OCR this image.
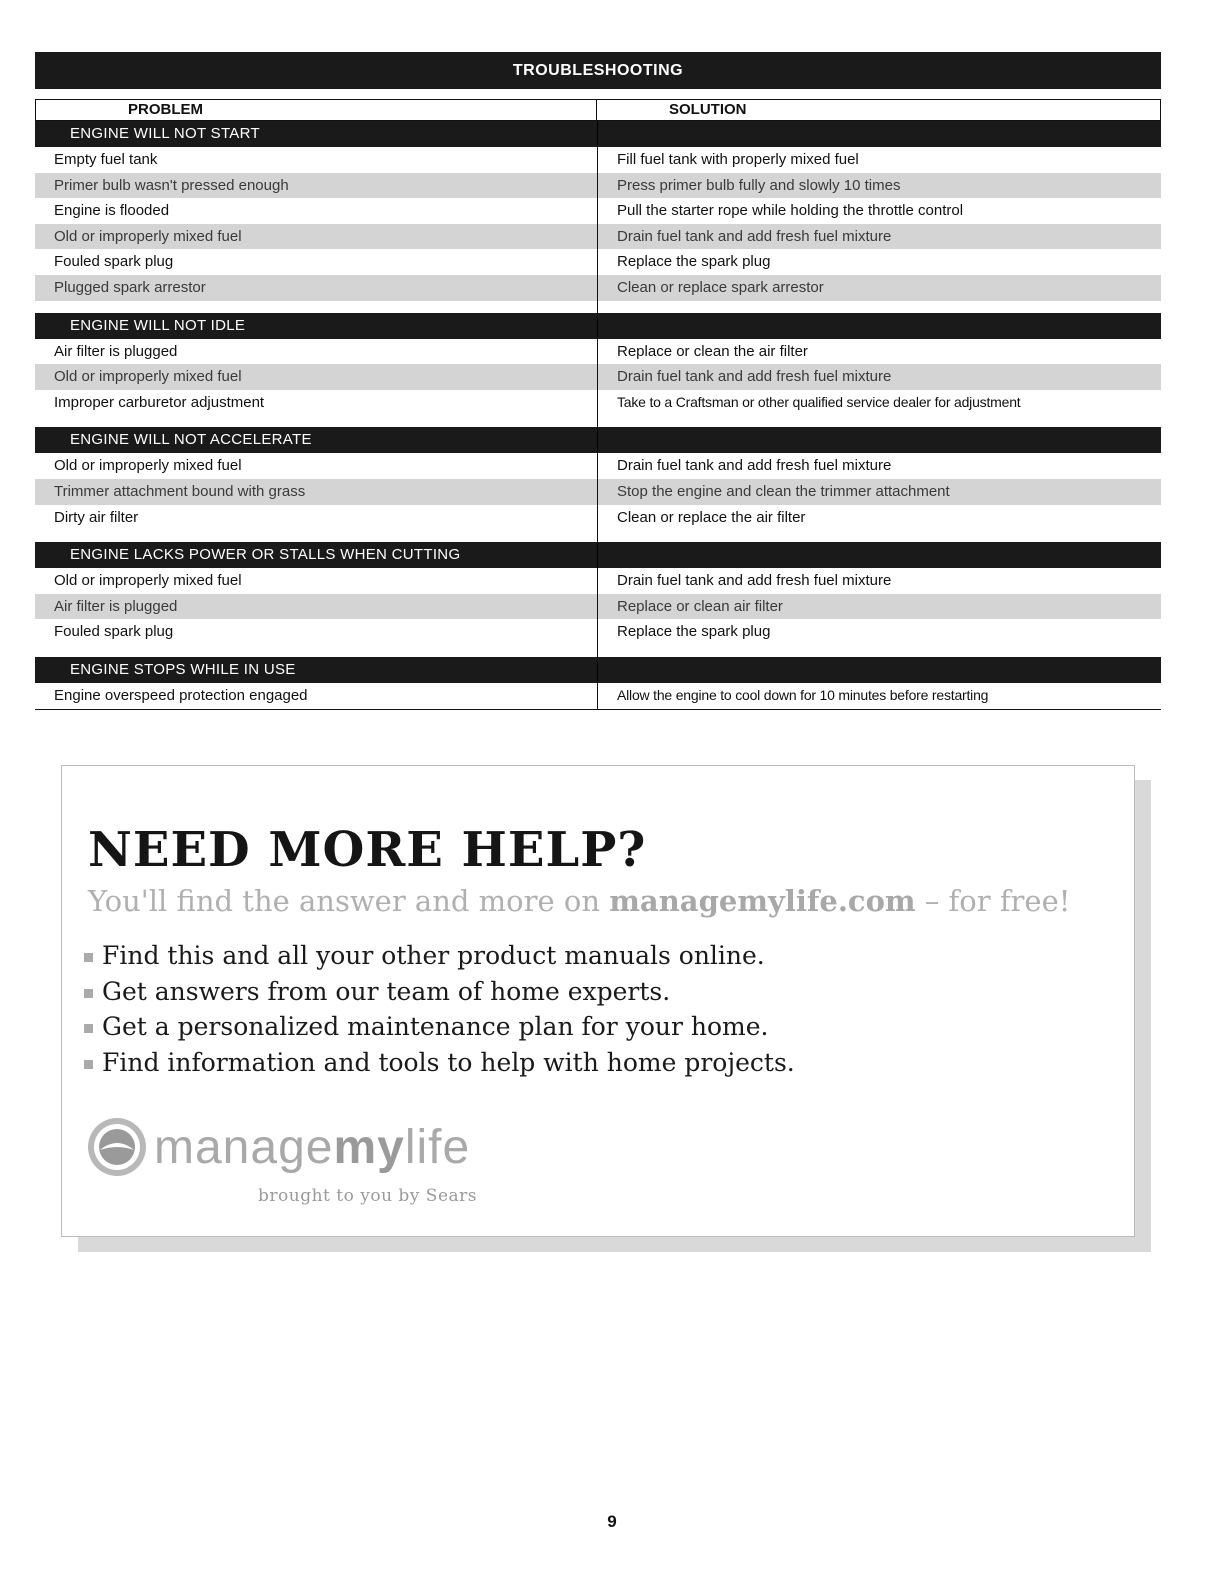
TROUBLESHOOTING
PROBLEM	SOLUTION
ENGINE WILL NOT START
Empty fuel tank	Fill fuel tank with properly mixed fuel
Primer bulb wasn't pressed enough	Press primer bulb fully and slowly 10 times
Engine is flooded	Pull the starter rope while holding the throttle control
Old or improperly mixed fuel	Drain fuel tank and add fresh fuel mixture
Fouled spark plug	Replace the spark plug
Plugged spark arrestor	Clean or replace spark arrestor
ENGINE WILL NOT IDLE
Air filter is plugged	Replace or clean the air filter
Old or improperly mixed fuel	Drain fuel tank and add fresh fuel mixture
Improper carburetor adjustment	Take to a Craftsman or other qualified service dealer for adjustment
ENGINE WILL NOT ACCELERATE
Old or improperly mixed fuel	Drain fuel tank and add fresh fuel mixture
Trimmer attachment bound with grass	Stop the engine and clean the trimmer attachment
Dirty air filter	Clean or replace the air filter
ENGINE LACKS POWER OR STALLS WHEN CUTTING
Old or improperly mixed fuel	Drain fuel tank and add fresh fuel mixture
Air filter is plugged	Replace or clean air filter
Fouled spark plug	Replace the spark plug
ENGINE STOPS WHILE IN USE
Engine overspeed protection engaged	Allow the engine to cool down for 10 minutes before restarting
NEED MORE HELP?
You'll find the answer and more on managemylife.com – for free!
Find this and all your other product manuals online.
Get answers from our team of home experts.
Get a personalized maintenance plan for your home.
Find information and tools to help with home projects.
managemylife
brought to you by Sears
9
